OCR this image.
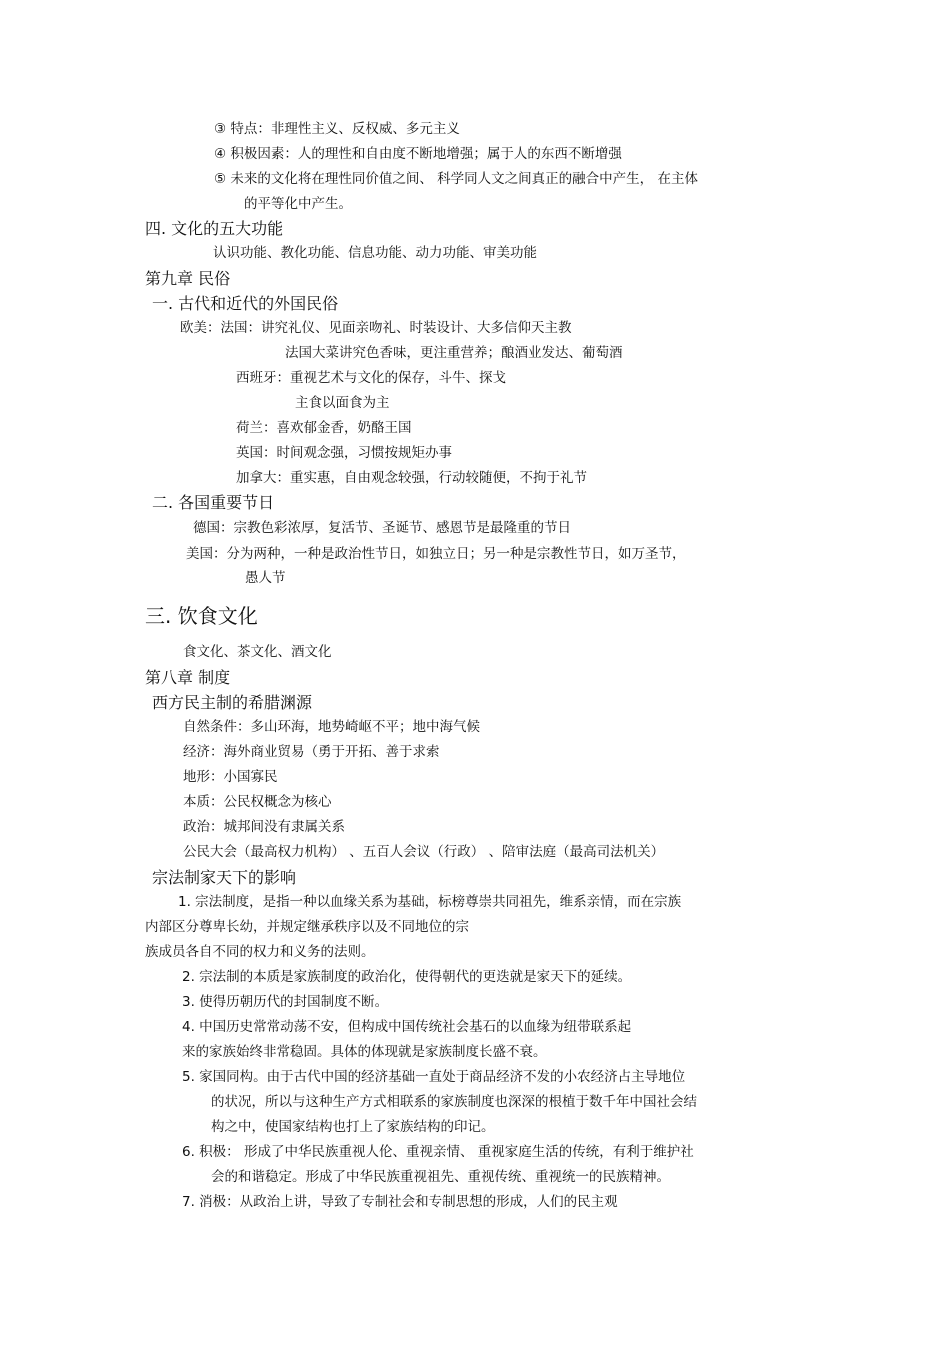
③ 特点：非理性主义、反权威、多元主义
④ 积极因素：人的理性和自由度不断地增强；属于人的东西不断增强
⑤ 未来的文化将在理性同价值之间、 科学同人文之间真正的融合中产生， 在主体
的平等化中产生。
四. 文化的五大功能
认识功能、教化功能、信息功能、动力功能、审美功能
第九章 民俗
一. 古代和近代的外国民俗
欧美：法国：讲究礼仪、见面亲吻礼、时装设计、大多信仰天主教
法国大菜讲究色香味，更注重营养；酿酒业发达、葡萄酒
西班牙：重视艺术与文化的保存，斗牛、探戈
主食以面食为主
荷兰：喜欢郁金香，奶酪王国
英国：时间观念强，习惯按规矩办事
加拿大：重实惠，自由观念较强，行动较随便，不拘于礼节
二. 各国重要节日
德国：宗教色彩浓厚，复活节、圣诞节、感恩节是最隆重的节日
美国：分为两种，一种是政治性节日，如独立日；另一种是宗教性节日，如万圣节，
愚人节
三. 饮食文化
食文化、茶文化、酒文化
第八章 制度
西方民主制的希腊渊源
自然条件：多山环海，地势崎岖不平；地中海气候
经济：海外商业贸易（勇于开拓、善于求索
地形：小国寡民
本质：公民权概念为核心
政治：城邦间没有隶属关系
公民大会（最高权力机构） 、五百人会议（行政） 、陪审法庭（最高司法机关）
宗法制家天下的影响
1. 宗法制度，是指一种以血缘关系为基础，标榜尊崇共同祖先，维系亲情，而在宗族
内部区分尊卑长幼，并规定继承秩序以及不同地位的宗
族成员各自不同的权力和义务的法则。
2. 宗法制的本质是家族制度的政治化，使得朝代的更迭就是家天下的延续。
3. 使得历朝历代的封国制度不断。
4. 中国历史常常动荡不安，但构成中国传统社会基石的以血缘为纽带联系起
来的家族始终非常稳固。具体的体现就是家族制度长盛不衰。
5. 家国同构。由于古代中国的经济基础一直处于商品经济不发的小农经济占主导地位
的状况，所以与这种生产方式相联系的家族制度也深深的根植于数千年中国社会结
构之中，使国家结构也打上了家族结构的印记。
6. 积极： 形成了中华民族重视人伦、重视亲情、 重视家庭生活的传统，有利于维护社
会的和谐稳定。形成了中华民族重视祖先、重视传统、重视统一的民族精神。
7. 消极：从政治上讲，导致了专制社会和专制思想的形成，人们的民主观
